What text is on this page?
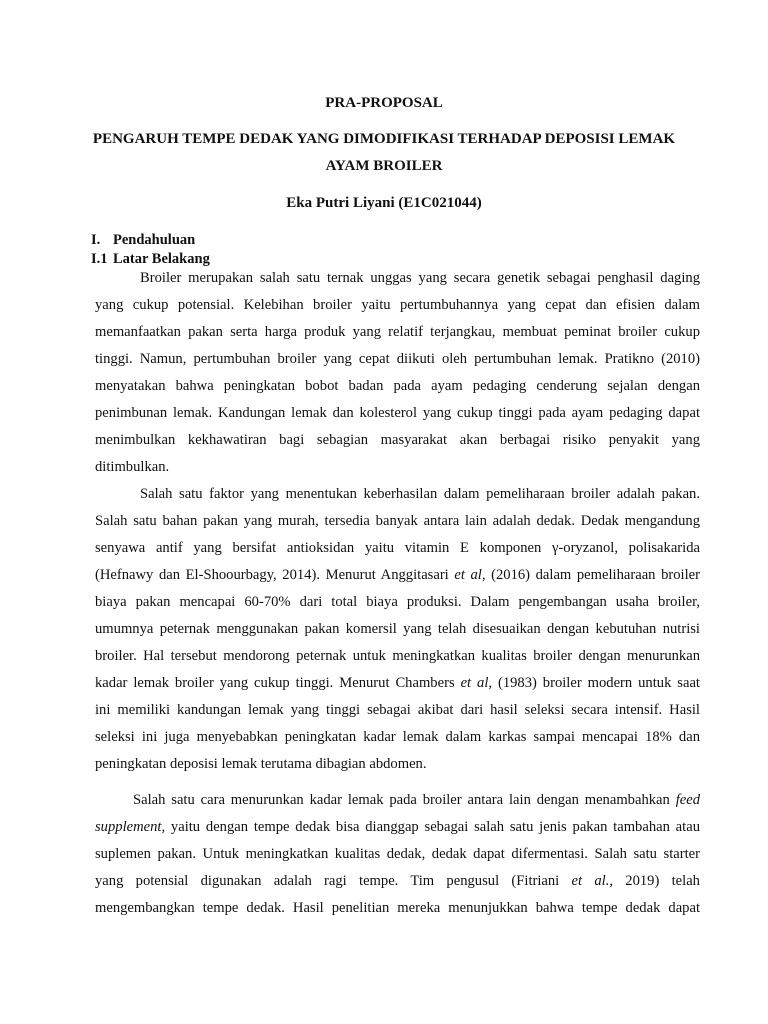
PRA-PROPOSAL
PENGARUH TEMPE DEDAK YANG DIMODIFIKASI TERHADAP DEPOSISI LEMAK
AYAM BROILER
Eka Putri Liyani (E1C021044)
I. Pendahuluan
I.1 Latar Belakang
Broiler merupakan salah satu ternak unggas yang secara genetik sebagai penghasil daging
yang cukup potensial. Kelebihan broiler yaitu pertumbuhannya yang cepat dan efisien dalam
memanfaatkan pakan serta harga produk yang relatif terjangkau, membuat peminat broiler cukup
tinggi. Namun, pertumbuhan broiler yang cepat diikuti oleh pertumbuhan lemak. Pratikno (2010)
menyatakan bahwa peningkatan bobot badan pada ayam pedaging cenderung sejalan dengan
penimbunan lemak. Kandungan lemak dan kolesterol yang cukup tinggi pada ayam pedaging dapat
menimbulkan kekhawatiran bagi sebagian masyarakat akan berbagai risiko penyakit yang
ditimbulkan.
Salah satu faktor yang menentukan keberhasilan dalam pemeliharaan broiler adalah pakan.
Salah satu bahan pakan yang murah, tersedia banyak antara lain adalah dedak. Dedak mengandung
senyawa antif yang bersifat antioksidan yaitu vitamin E komponen γ-oryzanol, polisakarida
(Hefnawy dan El-Shoourbagy, 2014). Menurut Anggitasari et al, (2016) dalam pemeliharaan broiler
biaya pakan mencapai 60-70% dari total biaya produksi. Dalam pengembangan usaha broiler,
umumnya peternak menggunakan pakan komersil yang telah disesuaikan dengan kebutuhan nutrisi
broiler. Hal tersebut mendorong peternak untuk meningkatkan kualitas broiler dengan menurunkan
kadar lemak broiler yang cukup tinggi. Menurut Chambers et al, (1983) broiler modern untuk saat
ini memiliki kandungan lemak yang tinggi sebagai akibat dari hasil seleksi secara intensif. Hasil
seleksi ini juga menyebabkan peningkatan kadar lemak dalam karkas sampai mencapai 18% dan
peningkatan deposisi lemak terutama dibagian abdomen.
Salah satu cara menurunkan kadar lemak pada broiler antara lain dengan menambahkan feed
supplement, yaitu dengan tempe dedak bisa dianggap sebagai salah satu jenis pakan tambahan atau
suplemen pakan. Untuk meningkatkan kualitas dedak, dedak dapat difermentasi. Salah satu starter
yang potensial digunakan adalah ragi tempe. Tim pengusul (Fitriani et al., 2019) telah
mengembangkan tempe dedak. Hasil penelitian mereka menunjukkan bahwa tempe dedak dapat
